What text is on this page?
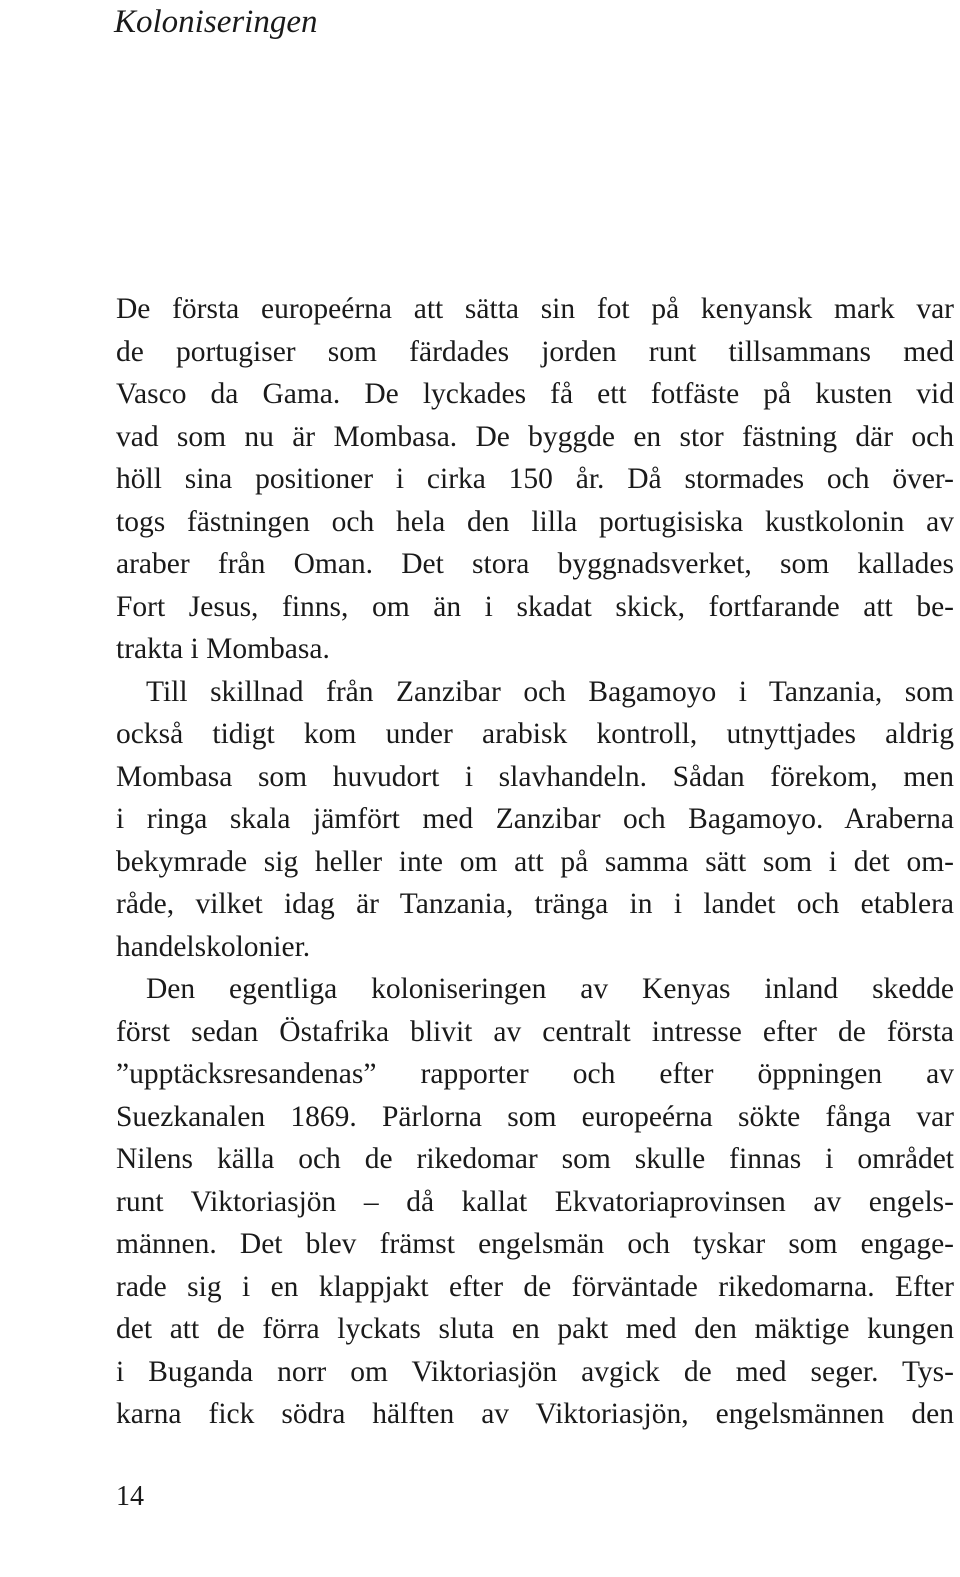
Koloniseringen
De första europeérna att sätta sin fot på kenyansk mark var
de portugiser som färdades jorden runt tillsammans med
Vasco da Gama. De lyckades få ett fotfäste på kusten vid
vad som nu är Mombasa. De byggde en stor fästning där och
höll sina positioner i cirka 150 år. Då stormades och över-
togs fästningen och hela den lilla portugisiska kustkolonin av
araber från Oman. Det stora byggnadsverket, som kallades
Fort Jesus, finns, om än i skadat skick, fortfarande att be-
trakta i Mombasa.
Till skillnad från Zanzibar och Bagamoyo i Tanzania, som
också tidigt kom under arabisk kontroll, utnyttjades aldrig
Mombasa som huvudort i slavhandeln. Sådan förekom, men
i ringa skala jämfört med Zanzibar och Bagamoyo. Araberna
bekymrade sig heller inte om att på samma sätt som i det om-
råde, vilket idag är Tanzania, tränga in i landet och etablera
handelskolonier.
Den egentliga koloniseringen av Kenyas inland skedde
först sedan Östafrika blivit av centralt intresse efter de första
”upptäcksresandenas” rapporter och efter öppningen av
Suezkanalen 1869. Pärlorna som europeérna sökte fånga var
Nilens källa och de rikedomar som skulle finnas i området
runt Viktoriasjön – då kallat Ekvatoriaprovinsen av engels-
männen. Det blev främst engelsmän och tyskar som engage-
rade sig i en klappjakt efter de förväntade rikedomarna. Efter
det att de förra lyckats sluta en pakt med den mäktige kungen
i Buganda norr om Viktoriasjön avgick de med seger. Tys-
karna fick södra hälften av Viktoriasjön, engelsmännen den

14
